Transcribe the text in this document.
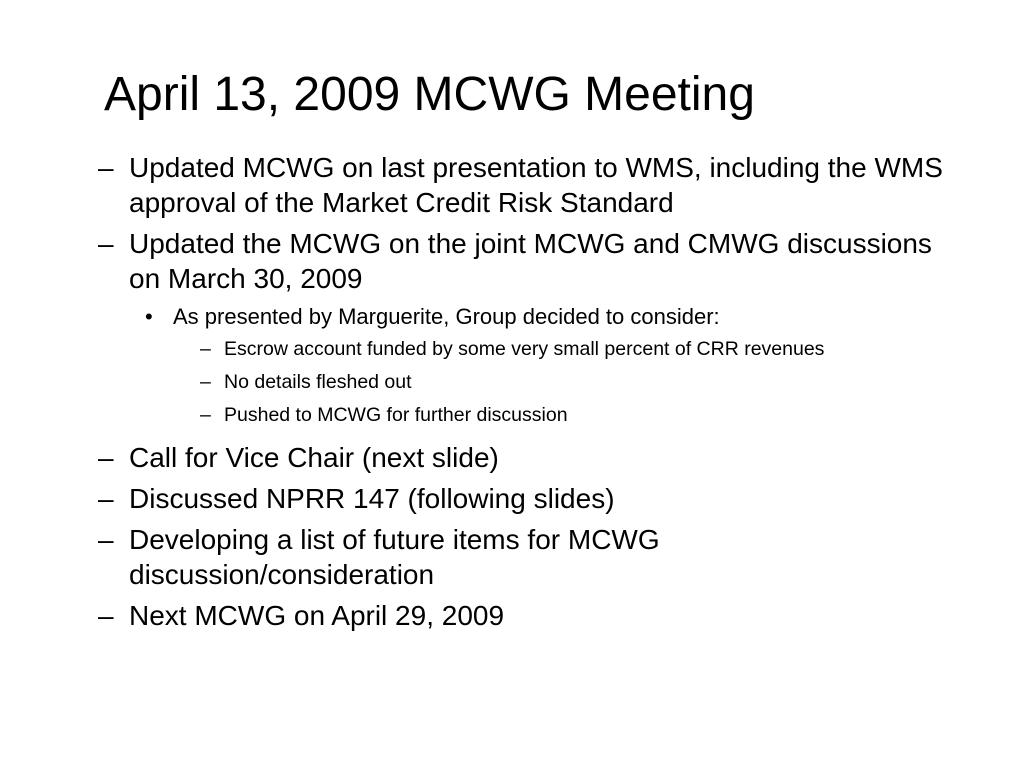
April 13, 2009 MCWG Meeting
– Updated MCWG on last presentation to WMS, including the WMS approval of the Market Credit Risk Standard
– Updated the MCWG on the joint MCWG and CMWG discussions on March 30, 2009
• As presented by Marguerite, Group decided to consider:
– Escrow account funded by some very small percent of CRR revenues
– No details fleshed out
– Pushed to MCWG for further discussion
– Call for Vice Chair (next slide)
– Discussed NPRR 147 (following slides)
– Developing a list of future items for MCWG discussion/consideration
– Next MCWG on April 29, 2009
